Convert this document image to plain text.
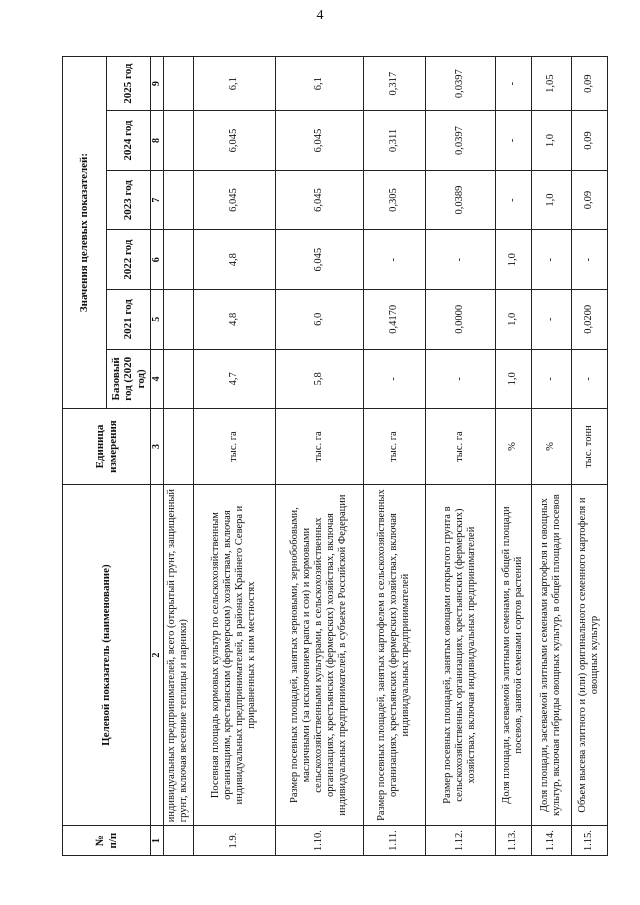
4
№ п/п	Целевой показатель (наименование)	Единица измерения	Значения целевых показателей:					
			Базовый год (2020 год)	2021 год	2022 год	2023 год	2024 год	2025 год
1	2	3	4	5	6	7	8	9
	индивидуальных предпринимателей, всего (открытый грунт, защищенный грунт, включая весенние теплицы и парники)							
1.9.	Посевная площадь кормовых культур по сельскохозяйственным организациям, крестьянским (фермерским) хозяйствам, включая индивидуальных предпринимателей, в районах Крайнего Севера и приравненных к ним местностях	тыс. га	4,7	4,8	4,8	6,045	6,045	6,1
1.10.	Размер посевных площадей, занятых зерновыми, зернобобовыми, масличными (за исключением рапса и сои) и кормовыми сельскохозяйственными культурами, в сельскохозяйственных организациях, крестьянских (фермерских) хозяйствах, включая индивидуальных предпринимателей, в субъекте Российской Федерации	тыс. га	5,8	6,0	6,045	6,045	6,045	6,1
1.11.	Размер посевных площадей, занятых картофелем в сельскохозяйственных организациях, крестьянских (фермерских) хозяйствах, включая индивидуальных предпринимателей	тыс. га	-	0,4170	-	0,305	0,311	0,317
1.12.	Размер посевных площадей, занятых овощами открытого грунта в сельскохозяйственных организациях, крестьянских (фермерских) хозяйствах, включая индивидуальных предпринимателей	тыс. га	-	0,0000	-	0,0389	0,0397	0,0397
1.13.	Доля площади, засеваемой элитными семенами, в общей площади посевов, занятой семенами сортов растений	%	1,0	1,0	1,0	-	-	-
1.14.	Доля площади, засеваемой элитными семенами картофеля и овощных культур, включая гибриды овощных культур, в общей площади посевов	%	-	-	-	1,0	1,0	1,05
1.15.	Объем высева элитного и (или) оригинального семенного картофеля и овощных культур	тыс. тонн	-	0,0200	-	0,09	0,09	0,09
